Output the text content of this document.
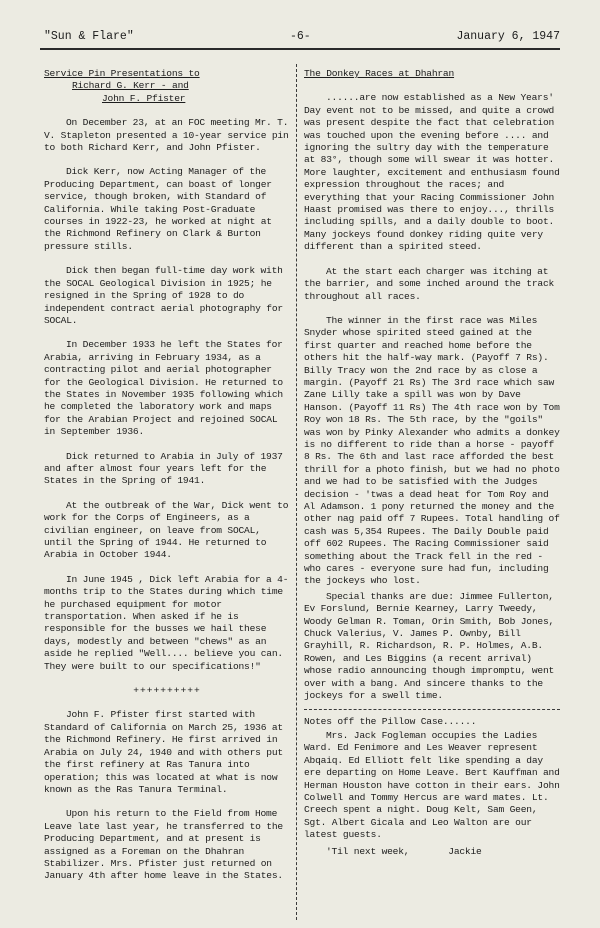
"Sun & Flare"	-6-	January 6, 1947

Service Pin Presentations to

Richard G. Kerr - and

John F. Pfister

On December 23, at an FOC meeting Mr. T. V. Stapleton presented a 10-year service pin to both Richard Kerr, and John Pfister.

Dick Kerr, now Acting Manager of the Producing Department, can boast of longer service, though broken, with Standard of California. While taking Post-Graduate courses in 1922-23, he worked at night at the Richmond Refinery on Clark & Burton pressure stills.

Dick then began full-time day work with the SOCAL Geological Division in 1925; he resigned in the Spring of 1928 to do independent contract aerial photography for SOCAL.

In December 1933 he left the States for Arabia, arriving in February 1934, as a contracting pilot and aerial photographer for the Geological Division. He returned to the States in November 1935 following which he completed the laboratory work and maps for the Arabian Project and rejoined SOCAL in September 1936.

Dick returned to Arabia in July of 1937 and after almost four years left for the States in the Spring of 1941.

At the outbreak of the War, Dick went to work for the Corps of Engineers, as a civilian engineer, on leave from SOCAL, until the Spring of 1944. He returned to Arabia in October 1944.

In June 1945 , Dick left Arabia for a 4-months trip to the States during which time he purchased equipment for motor transportation. When asked if he is responsible for the busses we hail these days, modestly and between "chews" as an aside he replied "Well.... believe you can. They were built to our specifications!"

++++++++++

John F. Pfister first started with Standard of California on March 25, 1936 at the Richmond Refinery. He first arrived in Arabia on July 24, 1940 and with others put the first refinery at Ras Tanura into operation; this was located at what is now known as the Ras Tanura Terminal.

Upon his return to the Field from Home Leave late last year, he transferred to the Producing Department, and at present is assigned as a Foreman on the Dhahran Stabilizer. Mrs. Pfister just returned on January 4th after home leave in the States.

The Donkey Races at Dhahran

......are now established as a New Years' Day event not to be missed, and quite a crowd was present despite the fact that celebration was touched upon the evening before .... and ignoring the sultry day with the temperature at 83°, though some will swear it was hotter. More laughter, excitement and enthusiasm found expression throughout the races; and everything that your Racing Commissioner John Haast promised was there to enjoy..., thrills including spills, and a daily double to boot. Many jockeys found donkey riding quite very different than a spirited steed.

At the start each charger was itching at the barrier, and some inched around the track throughout all races.

The winner in the first race was Miles Snyder whose spirited steed gained at the first quarter and reached home before the others hit the half-way mark. (Payoff 7 Rs). Billy Tracy won the 2nd race by as close a margin. (Payoff 21 Rs) The 3rd race which saw Zane Lilly take a spill was won by Dave Hanson. (Payoff 11 Rs) The 4th race won by Tom Roy won 18 Rs. The 5th race, by the "goils" was won by Pinky Alexander who admits a donkey is no different to ride than a horse - payoff 8 Rs. The 6th and last race afforded the best thrill for a photo finish, but we had no photo and we had to be satisfied with the Judges decision - 'twas a dead heat for Tom Roy and Al Adamson. 1 pony returned the money and the other nag paid off 7 Rupees. Total handling of cash was 5,354 Rupees. The Daily Double paid off 602 Rupees. The Racing Commissioner said something about the Track fell in the red - who cares - everyone sure had fun, including the jockeys who lost.

Special thanks are due: Jimmee Fullerton, Ev Forslund, Bernie Kearney, Larry Tweedy, Woody Gelman R. Toman, Orin Smith, Bob Jones, Chuck Valerius, V. James P. Ownby, Bill Grayhill, R. Richardson, R. P. Holmes, A.B. Rowen, and Les Biggins (a recent arrival) whose radio announcing though impromptu, went over with a bang. And sincere thanks to the jockeys for a swell time.

Notes off the Pillow Case......

Mrs. Jack Fogleman occupies the Ladies Ward. Ed Fenimore and Les Weaver represent Abqaiq. Ed Elliott felt like spending a day ere departing on Home Leave. Bert Kauffman and Herman Houston have cotton in their ears. John Colwell and Tommy Hercus are ward mates. Lt. Creech spent a night. Doug Kelt, Sam Geen, Sgt. Albert Gicala and Leo Walton are our latest guests.

'Til next week,       Jackie
